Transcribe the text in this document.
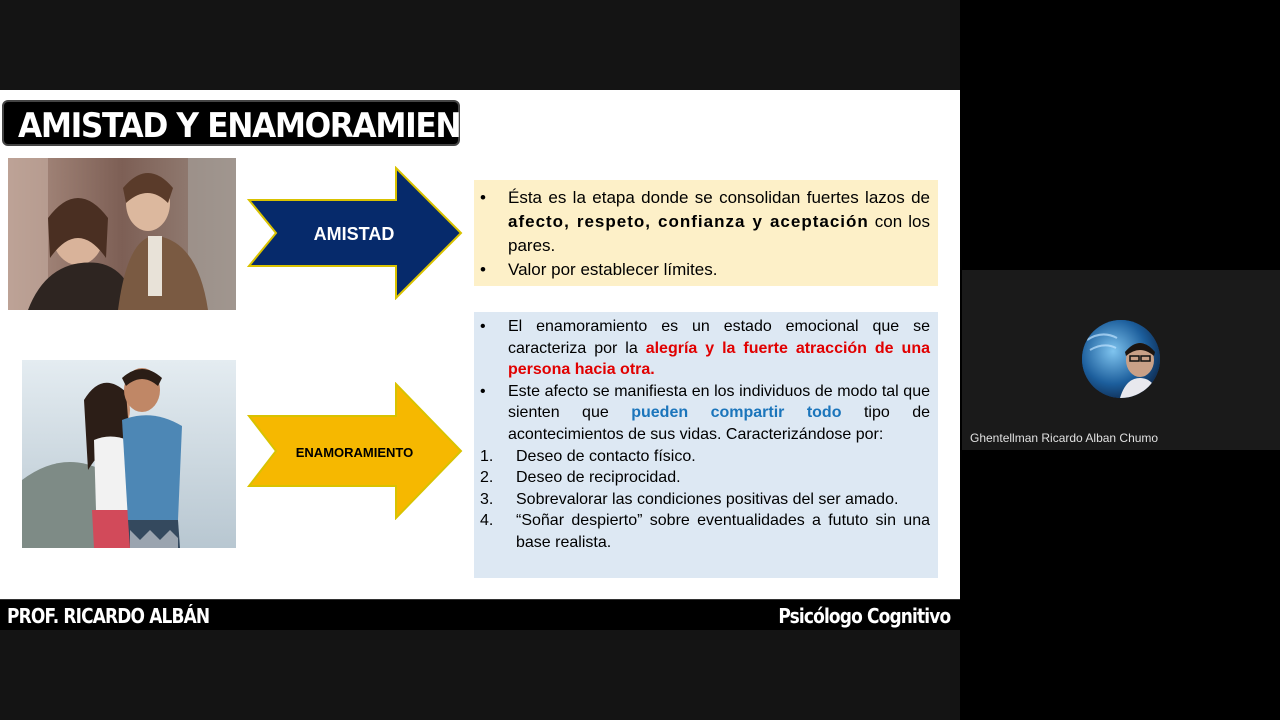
AMISTAD Y ENAMORAMIENTO
AMISTAD
ENAMORAMIENTO
•	Ésta es la etapa donde se consolidan fuertes lazos de afecto, respeto, confianza y aceptación con los pares.
•	Valor por establecer límites.
•	El enamoramiento es un estado emocional que se caracteriza por la alegría y la fuerte atracción de una persona hacia otra.
•	Este afecto se manifiesta en los individuos de modo tal que sienten que pueden compartir todo tipo de acontecimientos de sus vidas. Caracterizándose por:
1.	Deseo de contacto físico.
2.	Deseo de reciprocidad.
3.	Sobrevalorar las condiciones positivas del ser amado.
4.	“Soñar despierto” sobre eventualidades a fututo sin una base realista.
PROF. RICARDO ALBÁN	Psicólogo Cognitivo
Ghentellman Ricardo Alban Chumo
